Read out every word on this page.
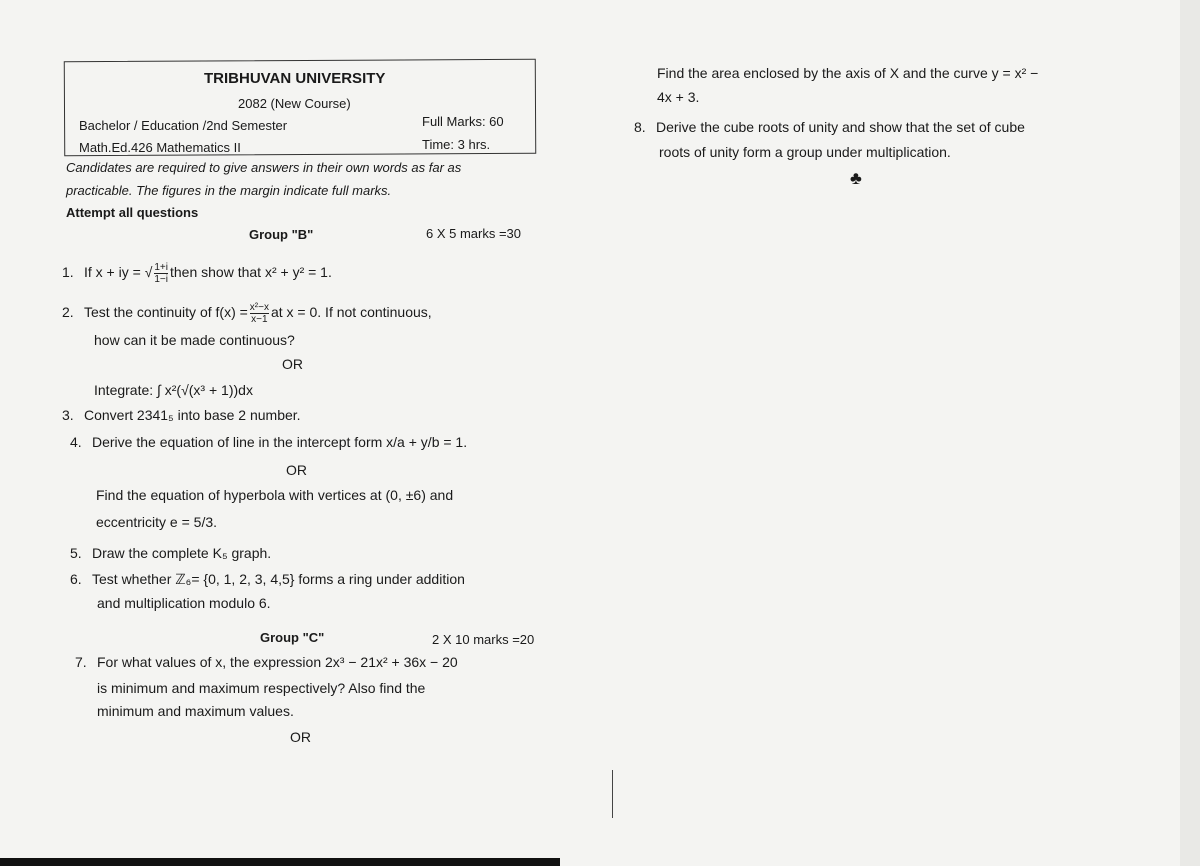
TRIBHUVAN UNIVERSITY
2082 (New Course)
Bachelor / Education /2nd Semester	Full Marks: 60
Math.Ed.426 Mathematics II	Time: 3 hrs.
Candidates are required to give answers in their own words as far as
practicable. The figures in the margin indicate full marks.
Attempt all questions
Group "B"	6 X 5 marks =30
1. If x + iy = √ $\frac{1+i}{1-i}$ then show that x² + y² = 1.
2. Test the continuity of $f(x) = \frac{\text{x²−x}}{x-1}$ at x = 0. If not continuous,
how can it be made continuous?
OR
Integrate: ∫ x²(√(x³ + 1))dx
3. Convert 2341₅ into base 2 number.
4. Derive the equation of line in the intercept form x/a + y/b = 1.
OR
Find the equation of hyperbola with vertices at (0, ±6) and
eccentricity e = 5/3.
5. Draw the complete K₅ graph.
6. Test whether ℤ₆= {0, 1, 2, 3, 4,5} forms a ring under addition
and multiplication modulo 6.
Group "C"	2 X 10 marks =20
7. For what values of x, the expression 2x³ − 21x² + 36x − 20
is minimum and maximum respectively? Also find the
minimum and maximum values.
OR
Find the area enclosed by the axis of X and the curve y = x² −
4x + 3.
8. Derive the cube roots of unity and show that the set of cube
roots of unity form a group under multiplication.
♣
